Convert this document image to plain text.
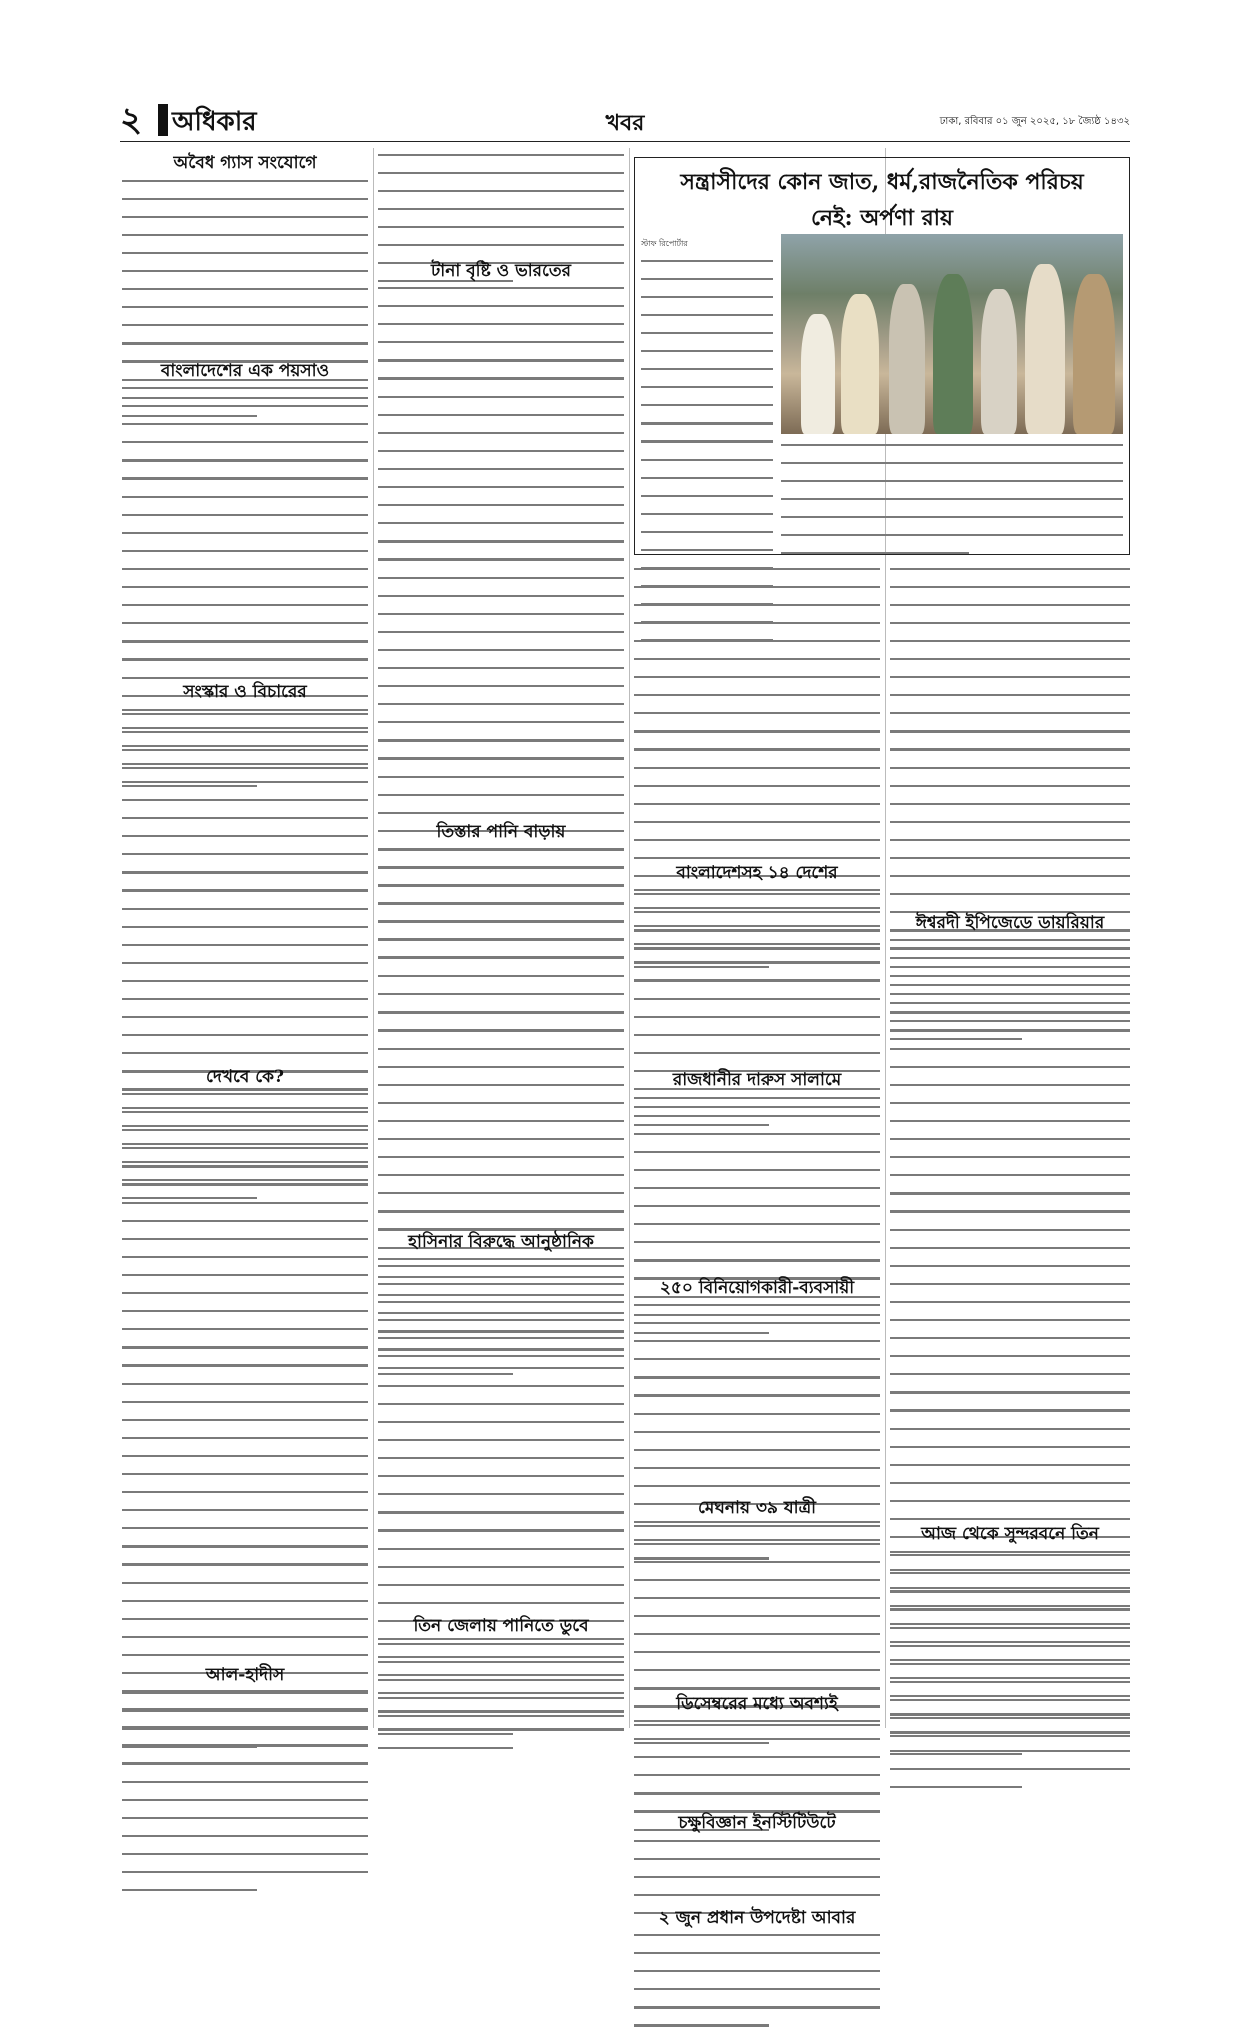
২ অধিকার	খবর	ঢাকা, রবিবার ০১ জুন ২০২৫, ১৮ জ্যৈষ্ঠ ১৪৩২
অবৈধ গ্যাস সংযোগে
বাংলাদেশের এক পয়সাও
সংস্কার ও বিচারের
দেখবে কে?
আল-হাদীস
টানা বৃষ্টি ও ভারতের
তিস্তার পানি বাড়ায়
হাসিনার বিরুদ্ধে আনুষ্ঠানিক
তিন জেলায় পানিতে ডুবে
সন্ত্রাসীদের কোন জাত, ধর্ম,রাজনৈতিক পরিচয়
নেই: অর্পণা রায়
স্টাফ রিপোর্টার
বাংলাদেশসহ ১৪ দেশের
রাজধানীর দারুস সালামে
২৫০ বিনিয়োগকারী-ব্যবসায়ী
মেঘনায় ৩৯ যাত্রী
ডিসেম্বরের মধ্যে অবশ্যই
চক্ষুবিজ্ঞান ইনস্টিটিউটে
২ জুন প্রধান উপদেষ্টা আবার
ঈশ্বরদী ইপিজেডে ডায়রিয়ার
আজ থেকে সুন্দরবনে তিন
